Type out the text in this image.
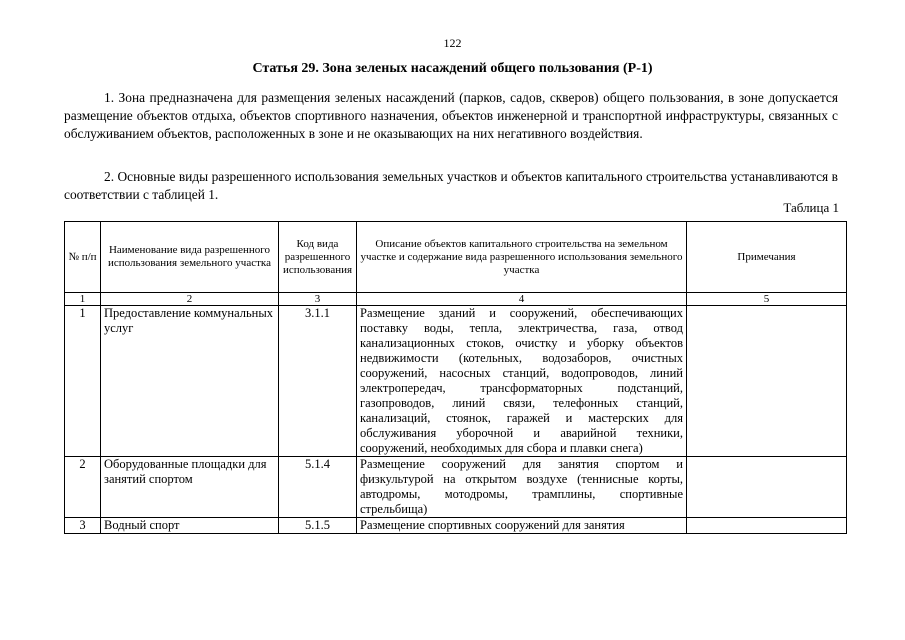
122
Статья 29. Зона зеленых насаждений общего пользования (Р-1)
1. Зона предназначена для размещения зеленых насаждений (парков, садов, скверов) общего пользования, в зоне допускается размещение объектов отдыха, объектов спортивного назначения, объектов инженерной и транспортной инфраструктуры, связанных с обслуживанием объектов, расположенных в зоне и не оказывающих на них негативного воздействия.
2. Основные виды разрешенного использования земельных участков и объектов капитального строительства устанавливаются в соответствии с таблицей 1.
Таблица 1
№ п/п	Наименование вида разрешенного использования земельного участка	Код вида разрешенного использования	Описание объектов капитального строительства на земельном участке и содержание вида разрешенного использования земельного участка	Примечания
1	2	3	4	5
1	Предоставление коммунальных услуг	3.1.1	Размещение зданий и сооружений, обеспечивающих поставку воды, тепла, электричества, газа, отвод канализационных стоков, очистку и уборку объектов недвижимости (котельных, водозаборов, очистных сооружений, насосных станций, водопроводов, линий электропередач, трансформаторных подстанций, газопроводов, линий связи, телефонных станций, канализаций, стоянок, гаражей и мастерских для обслуживания уборочной и аварийной техники, сооружений, необходимых для сбора и плавки снега)	
2	Оборудованные площадки для занятий спортом	5.1.4	Размещение сооружений для занятия спортом и физкультурой на открытом воздухе (теннисные корты, автодромы, мотодромы, трамплины, спортивные стрельбища)	
3	Водный спорт	5.1.5	Размещение спортивных сооружений для занятия	
